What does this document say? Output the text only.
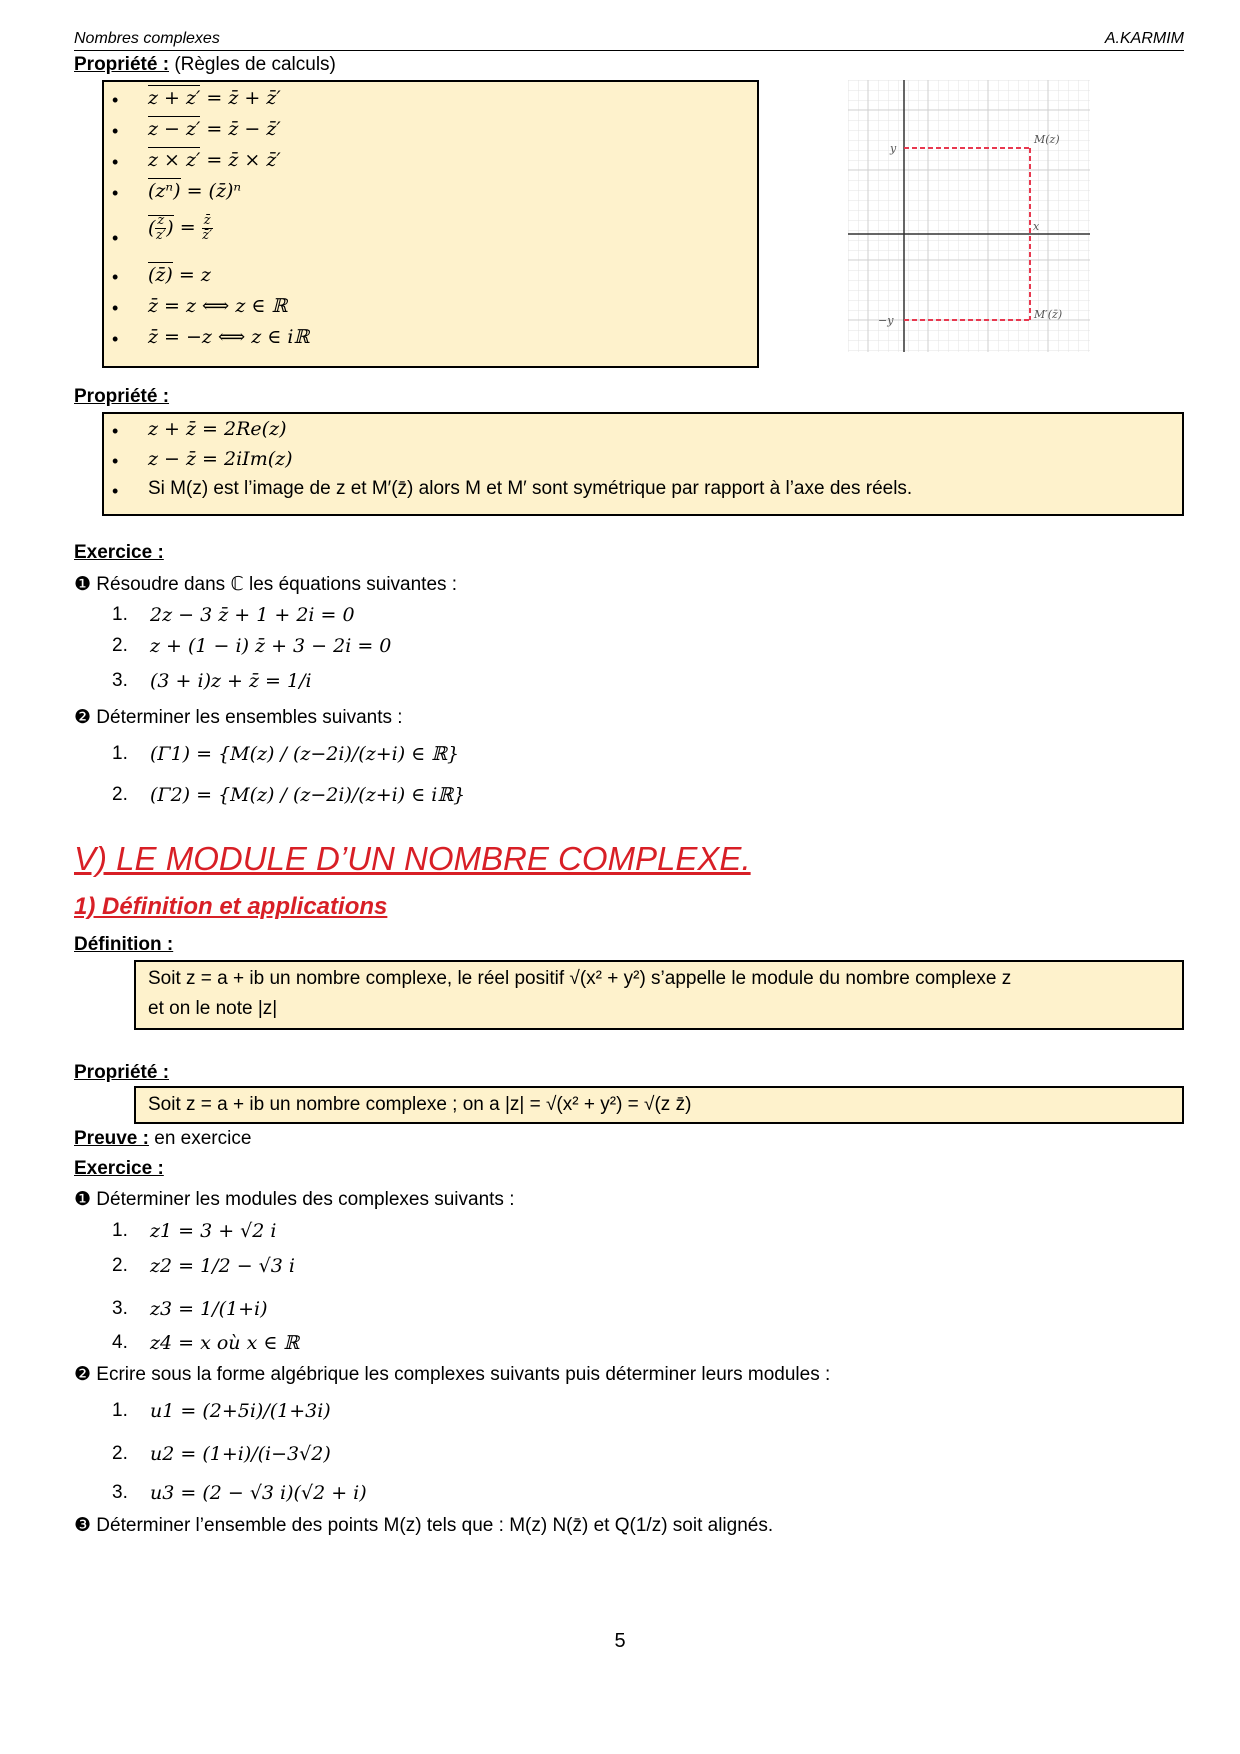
Nombres complexes	A.KARMIM
Propriété : (Règles de calculs)
• z + z′ = z̄ + z̄′
• z − z′ = z̄ − z̄′
• z × z′ = z̄ × z̄′
• (zⁿ) = (z̄)ⁿ
• ( $\frac{z}{z'}$ ) = $\frac{z̄}{z̄'}$
• (z̄) = z
• z̄ = z ⟺ z ∈ ℝ
• z̄ = −z ⟺ z ∈ iℝ
y
−y
x
M(z)
M′(z̄)
Propriété :
• z + z̄ = 2Re(z)
• z − z̄ = 2iIm(z)
• Si M(z) est l’image de z et M′(z̄) alors M et M′ sont symétrique par rapport à l’axe des réels.
Exercice :
❶ Résoudre dans ℂ les équations suivantes :
1. 2z − 3 z̄ + 1 + 2i = 0
2. z + (1 − i) z̄ + 3 − 2i = 0
3. (3 + i)z + z̄ = 1/i
❷ Déterminer les ensembles suivants :
1. (Γ1) = {M(z) / (z−2i)/(z+i) ∈ ℝ}
2. (Γ2) = {M(z) / (z−2i)/(z+i) ∈ iℝ}
V) LE MODULE D’UN NOMBRE COMPLEXE.
1) Définition et applications
Définition :
Soit z = a + ib un nombre complexe, le réel positif √(x² + y²) s’appelle le module du nombre complexe z
et on le note |z|
Propriété :
Soit z = a + ib un nombre complexe ; on a |z| = √(x² + y²) = √(z z̄)
Preuve : en exercice
Exercice :
❶ Déterminer les modules des complexes suivants :
1. z1 = 3 + √2 i
2. z2 = 1/2 − √3 i
3. z3 = 1/(1+i)
4. z4 = x où x ∈ ℝ
❷ Ecrire sous la forme algébrique les complexes suivants puis déterminer leurs modules :
1. u1 = (2+5i)/(1+3i)
2. u2 = (1+i)/(i−3√2)
3. u3 = (2 − √3 i)(√2 + i)
❸ Déterminer l’ensemble des points M(z) tels que : M(z) N(z̄) et Q(1/z) soit alignés.
5
